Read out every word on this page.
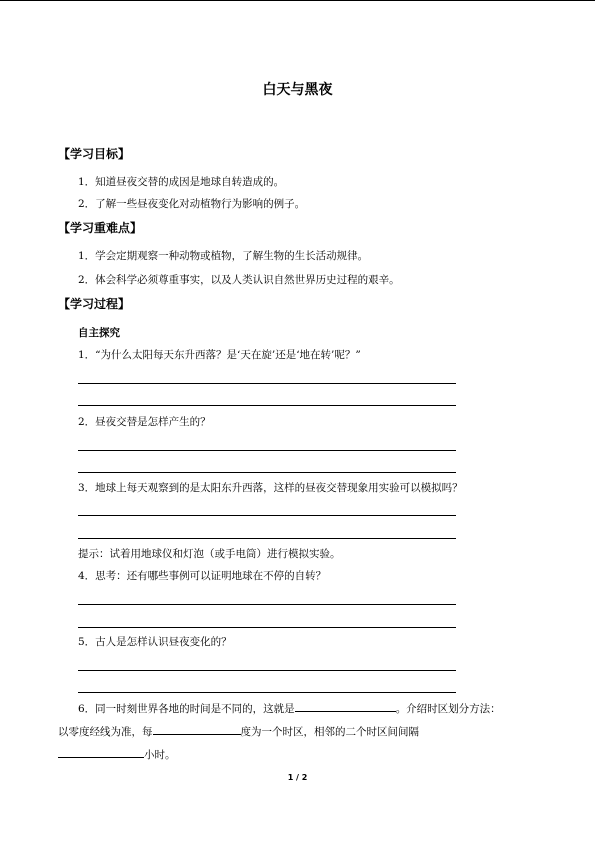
白天与黑夜
【学习目标】
1．知道昼夜交替的成因是地球自转造成的。
2．了解一些昼夜变化对动植物行为影响的例子。
【学习重难点】
1．学会定期观察一种动物或植物，了解生物的生长活动规律。
2．体会科学必须尊重事实，以及人类认识自然世界历史过程的艰辛。
【学习过程】
自主探究
1．“为什么太阳每天东升西落？是‘天在旋’还是‘地在转’呢？”
2．昼夜交替是怎样产生的？
3．地球上每天观察到的是太阳东升西落，这样的昼夜交替现象用实验可以模拟吗？
提示：试着用地球仪和灯泡（或手电筒）进行模拟实验。
4．思考：还有哪些事例可以证明地球在不停的自转？
5．古人是怎样认识昼夜变化的？
6．同一时刻世界各地的时间是不同的，这就是	。介绍时区划分方法：
以零度经线为准，每	度为一个时区，相邻的二个时区间间隔
小时。
1 / 2
